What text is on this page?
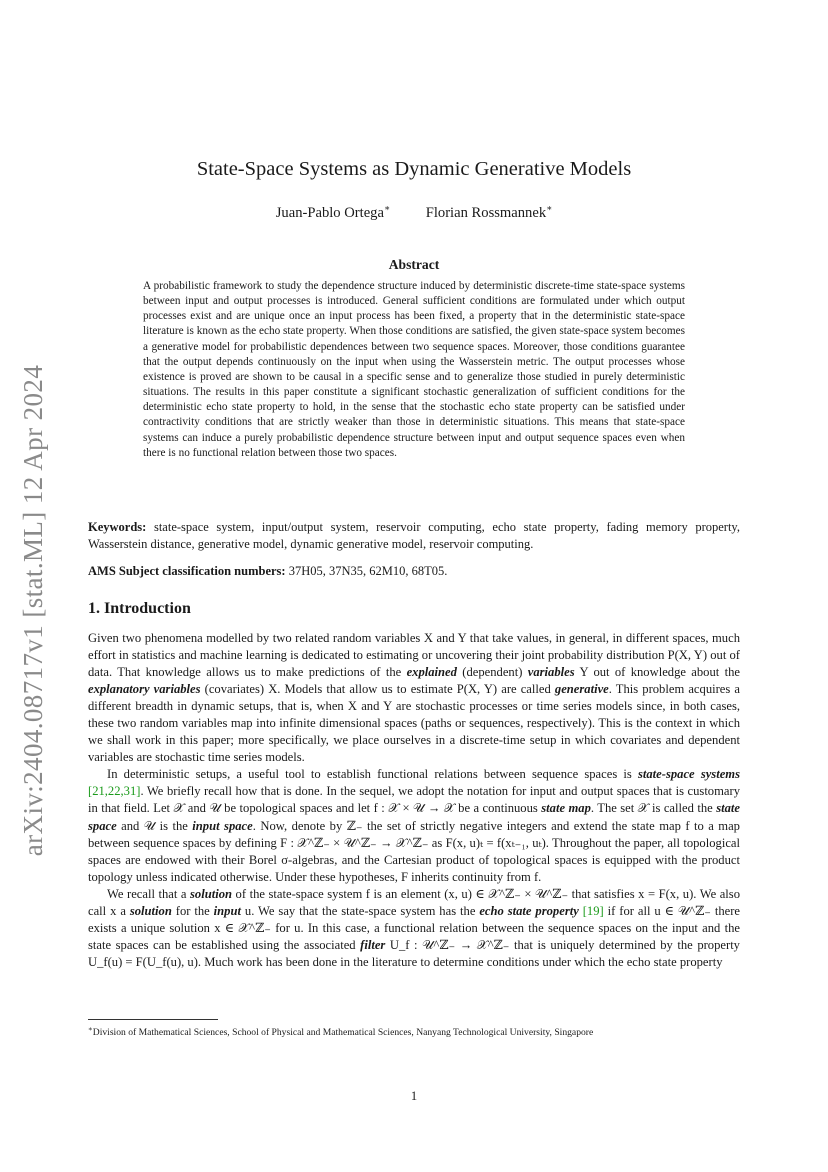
arXiv:2404.08717v1 [stat.ML] 12 Apr 2024
State-Space Systems as Dynamic Generative Models
Juan-Pablo Ortega∗ Florian Rossmannek∗
Abstract

A probabilistic framework to study the dependence structure induced by deterministic discrete-time state-space systems between input and output processes is introduced. General sufficient conditions are formulated under which output processes exist and are unique once an input process has been fixed, a property that in the deterministic state-space literature is known as the echo state property. When those conditions are satisfied, the given state-space system becomes a generative model for probabilistic dependences between two sequence spaces. Moreover, those conditions guarantee that the output depends continuously on the input when using the Wasserstein metric. The output processes whose existence is proved are shown to be causal in a specific sense and to generalize those studied in purely deterministic situations. The results in this paper constitute a significant stochastic generalization of sufficient conditions for the deterministic echo state property to hold, in the sense that the stochastic echo state property can be satisfied under contractivity conditions that are strictly weaker than those in deterministic situations. This means that state-space systems can induce a purely probabilistic dependence structure between input and output sequence spaces even when there is no functional relation between those two spaces.

Keywords: state-space system, input/output system, reservoir computing, echo state property, fading memory property, Wasserstein distance, generative model, dynamic generative model, reservoir computing.

AMS Subject classification numbers: 37H05, 37N35, 62M10, 68T05.

1. Introduction

Given two phenomena modelled by two related random variables X and Y that take values, in general, in different spaces, much effort in statistics and machine learning is dedicated to estimating or uncovering their joint probability distribution P(X, Y) out of data. That knowledge allows us to make predictions of the explained (dependent) variables Y out of knowledge about the explanatory variables (covariates) X. Models that allow us to estimate P(X, Y) are called generative. This problem acquires a different breadth in dynamic setups, that is, when X and Y are stochastic processes or time series models since, in both cases, these two random variables map into infinite dimensional spaces (paths or sequences, respectively). This is the context in which we shall work in this paper; more specifically, we place ourselves in a discrete-time setup in which covariates and dependent variables are stochastic time series models.

In deterministic setups, a useful tool to establish functional relations between sequence spaces is state-space systems [21,22,31]. We briefly recall how that is done. In the sequel, we adopt the notation for input and output spaces that is customary in that field. Let 𝒳 and 𝒰 be topological spaces and let f : 𝒳 × 𝒰 → 𝒳 be a continuous state map. The set 𝒳 is called the state space and 𝒰 is the input space. Now, denote by ℤ₋ the set of strictly negative integers and extend the state map f to a map between sequence spaces by defining F : 𝒳^ℤ₋ × 𝒰^ℤ₋ → 𝒳^ℤ₋ as F(x, u)ₜ = f(xₜ₋₁, uₜ). Throughout the paper, all topological spaces are endowed with their Borel σ-algebras, and the Cartesian product of topological spaces is equipped with the product topology unless indicated otherwise. Under these hypotheses, F inherits continuity from f.

We recall that a solution of the state-space system f is an element (x, u) ∈ 𝒳^ℤ₋ × 𝒰^ℤ₋ that satisfies x = F(x, u). We also call x a solution for the input u. We say that the state-space system has the echo state property [19] if for all u ∈ 𝒰^ℤ₋ there exists a unique solution x ∈ 𝒳^ℤ₋ for u. In this case, a functional relation between the sequence spaces on the input and the state spaces can be established using the associated filter U_f : 𝒰^ℤ₋ → 𝒳^ℤ₋ that is uniquely determined by the property U_f(u) = F(U_f(u), u). Much work has been done in the literature to determine conditions under which the echo state property

∗Division of Mathematical Sciences, School of Physical and Mathematical Sciences, Nanyang Technological University, Singapore

1
